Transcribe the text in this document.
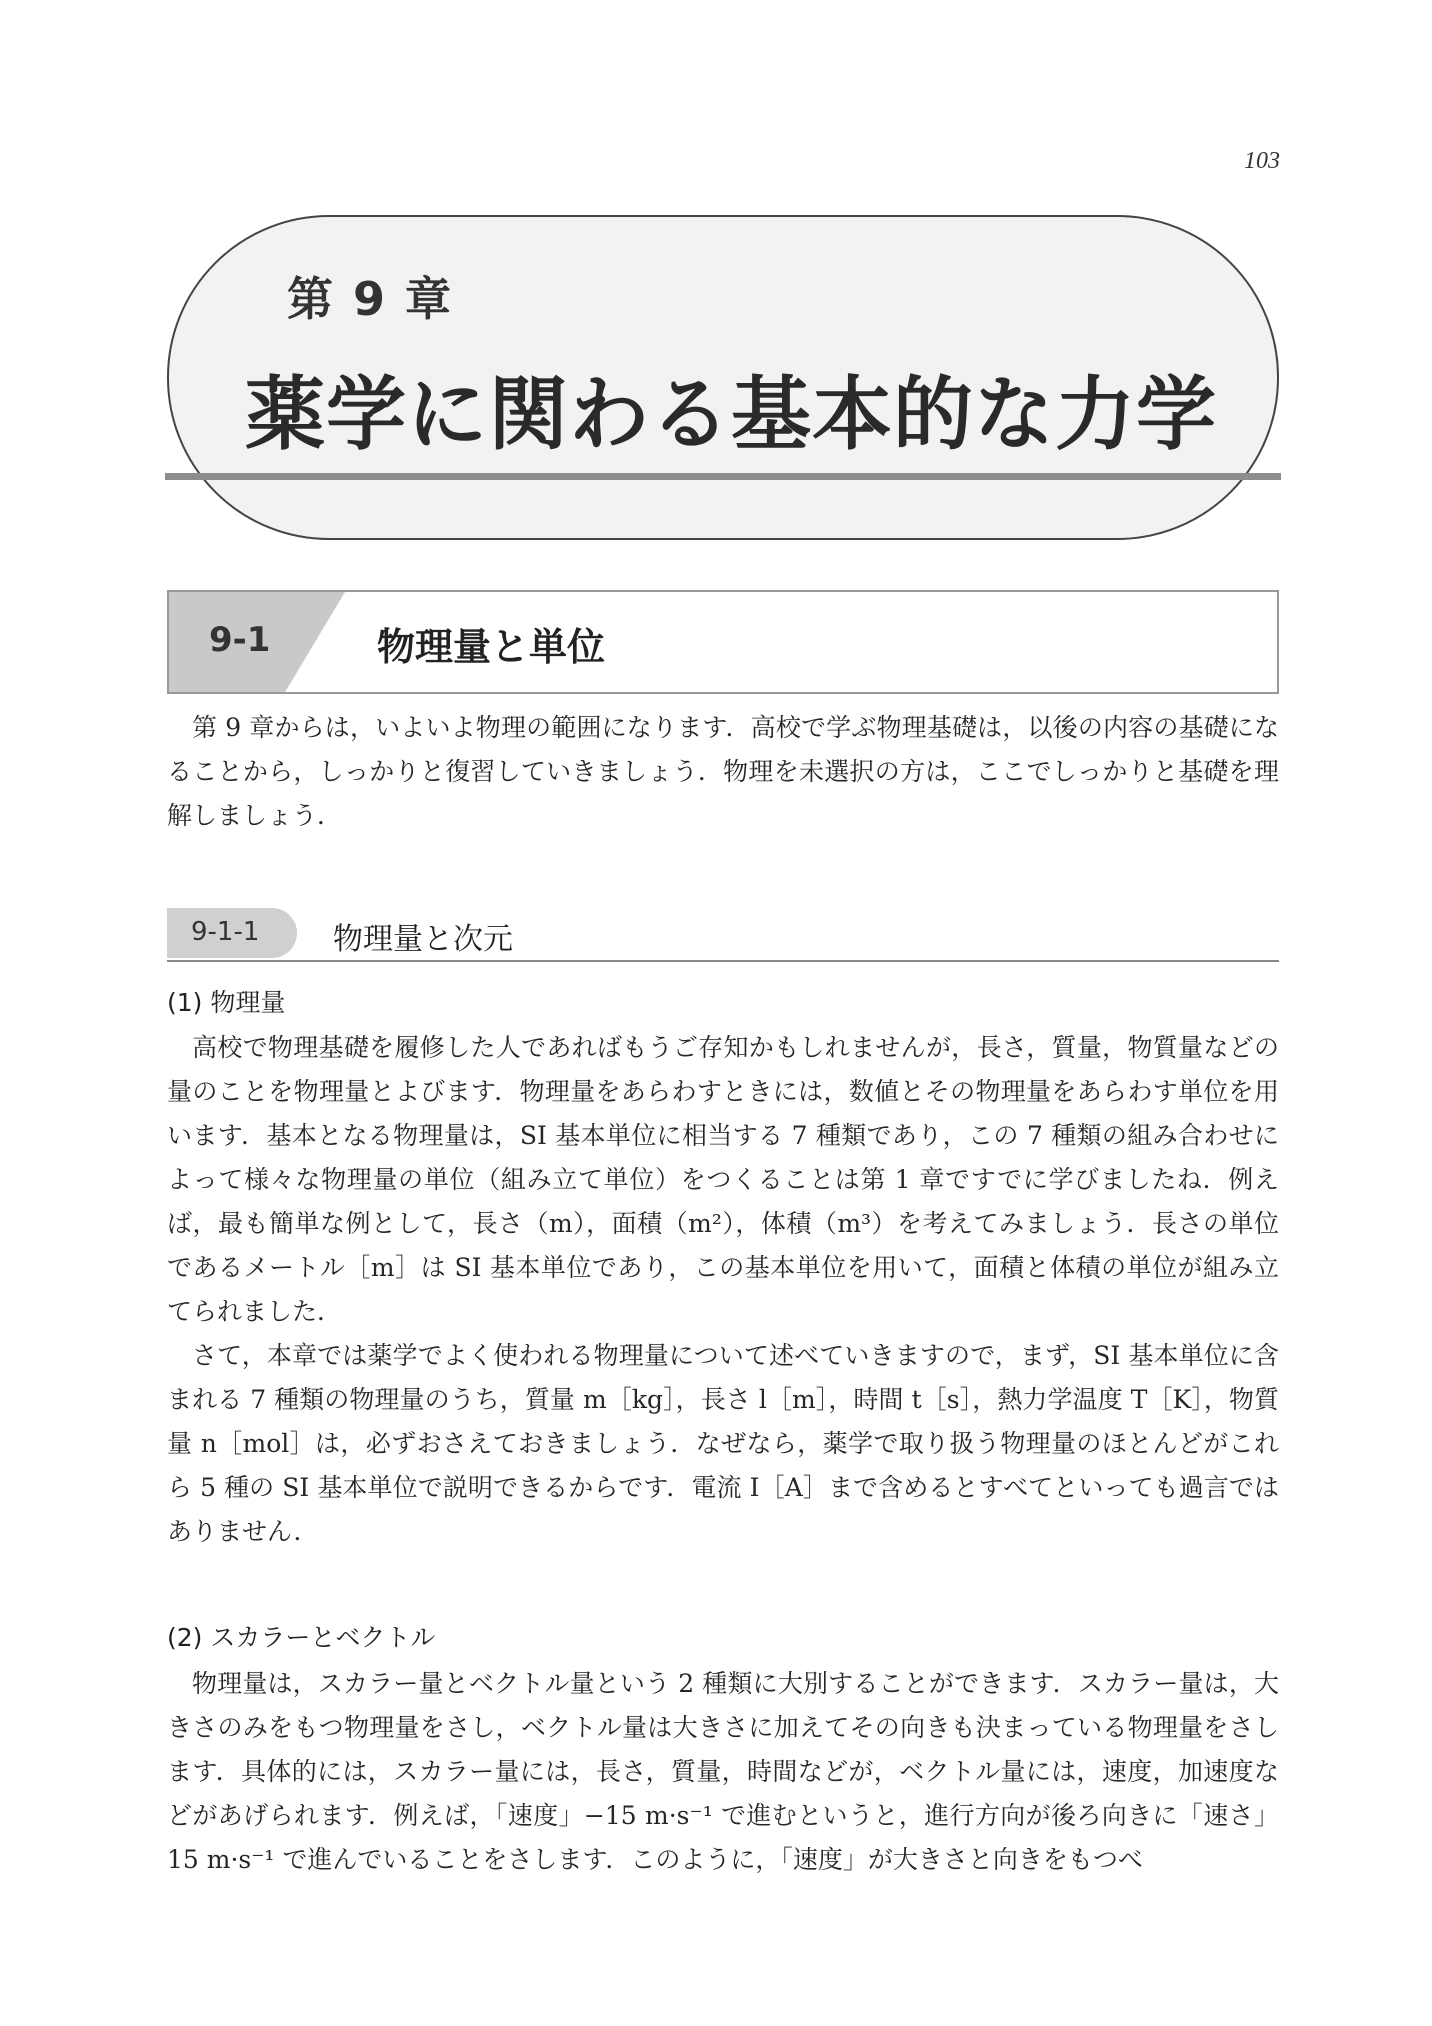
103
第 9 章
薬学に関わる基本的な力学
9-1	物理量と単位

第 9 章からは，いよいよ物理の範囲になります．高校で学ぶ物理基礎は，以後の内容の基礎になることから，しっかりと復習していきましょう．物理を未選択の方は，ここでしっかりと基礎を理解しましょう．

9-1-1 物理量と次元
(1) 物理量

高校で物理基礎を履修した人であればもうご存知かもしれませんが，長さ，質量，物質量などの量のことを物理量とよびます．物理量をあらわすときには，数値とその物理量をあらわす単位を用います．基本となる物理量は，SI 基本単位に相当する 7 種類であり，この 7 種類の組み合わせによって様々な物理量の単位（組み立て単位）をつくることは第 1 章ですでに学びましたね．例えば，最も簡単な例として，長さ（m），面積（m²），体積（m³）を考えてみましょう．長さの単位であるメートル［m］は SI 基本単位であり，この基本単位を用いて，面積と体積の単位が組み立てられました．

さて，本章では薬学でよく使われる物理量について述べていきますので，まず，SI 基本単位に含まれる 7 種類の物理量のうち，質量 m［kg］，長さ l［m］，時間 t［s］，熱力学温度 T［K］，物質量 n［mol］は，必ずおさえておきましょう．なぜなら，薬学で取り扱う物理量のほとんどがこれら 5 種の SI 基本単位で説明できるからです．電流 I［A］まで含めるとすべてといっても過言ではありません．

(2) スカラーとベクトル

物理量は，スカラー量とベクトル量という 2 種類に大別することができます．スカラー量は，大きさのみをもつ物理量をさし，ベクトル量は大きさに加えてその向きも決まっている物理量をさします．具体的には，スカラー量には，長さ，質量，時間などが，ベクトル量には，速度，加速度などがあげられます．例えば，「速度」−15 m·s⁻¹ で進むというと，進行方向が後ろ向きに「速さ」15 m·s⁻¹ で進んでいることをさします．このように，「速度」が大きさと向きをもつべ
